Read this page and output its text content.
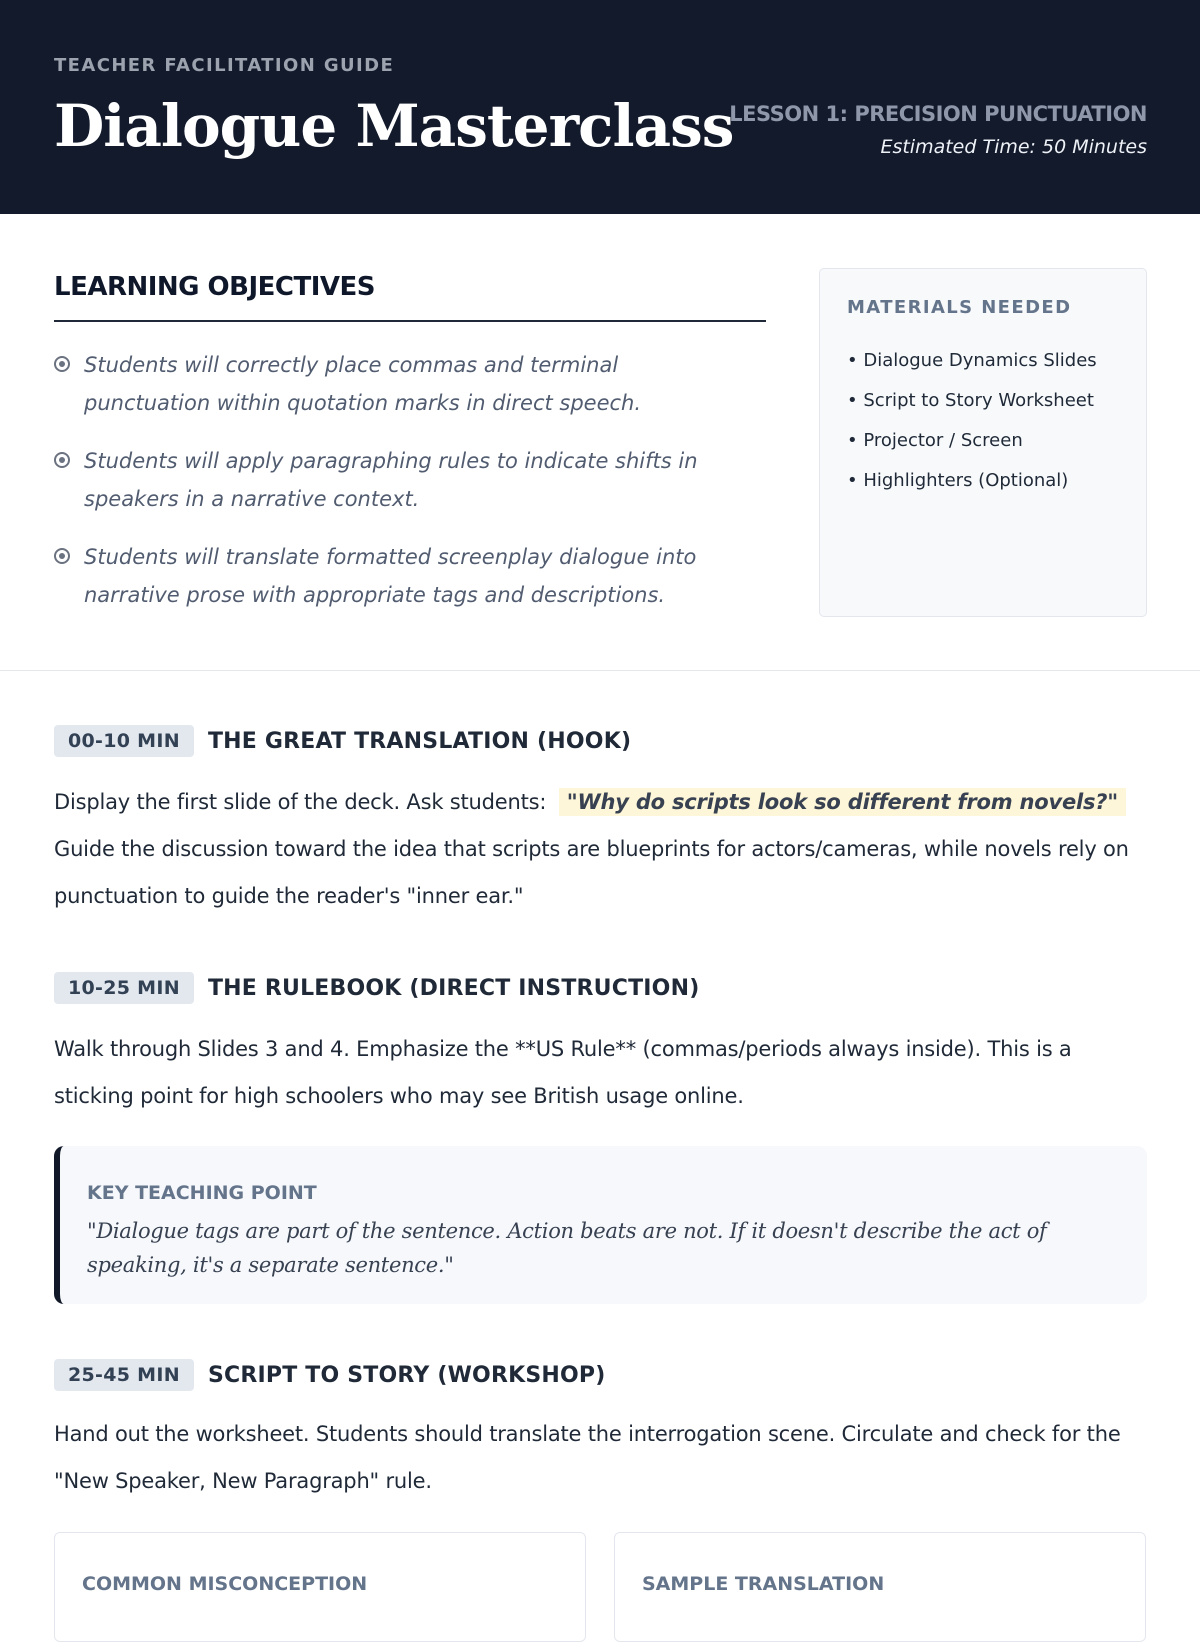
TEACHER FACILITATION GUIDE
Dialogue Masterclass
LESSON 1: PRECISION PUNCTUATION
Estimated Time: 50 Minutes
LEARNING OBJECTIVES
Students will correctly place commas and terminal punctuation within quotation marks in direct speech.
Students will apply paragraphing rules to indicate shifts in speakers in a narrative context.
Students will translate formatted screenplay dialogue into narrative prose with appropriate tags and descriptions.
MATERIALS NEEDED
• Dialogue Dynamics Slides
• Script to Story Worksheet
• Projector / Screen
• Highlighters (Optional)
00-10 MIN	THE GREAT TRANSLATION (HOOK)
Display the first slide of the deck. Ask students: "Why do scripts look so different from novels?" Guide the discussion toward the idea that scripts are blueprints for actors/cameras, while novels rely on punctuation to guide the reader's "inner ear."
10-25 MIN	THE RULEBOOK (DIRECT INSTRUCTION)
Walk through Slides 3 and 4. Emphasize the **US Rule** (commas/periods always inside). This is a sticking point for high schoolers who may see British usage online.
KEY TEACHING POINT
"Dialogue tags are part of the sentence. Action beats are not. If it doesn't describe the act of speaking, it's a separate sentence."
25-45 MIN	SCRIPT TO STORY (WORKSHOP)
Hand out the worksheet. Students should translate the interrogation scene. Circulate and check for the "New Speaker, New Paragraph" rule.
COMMON MISCONCEPTION	SAMPLE TRANSLATION
